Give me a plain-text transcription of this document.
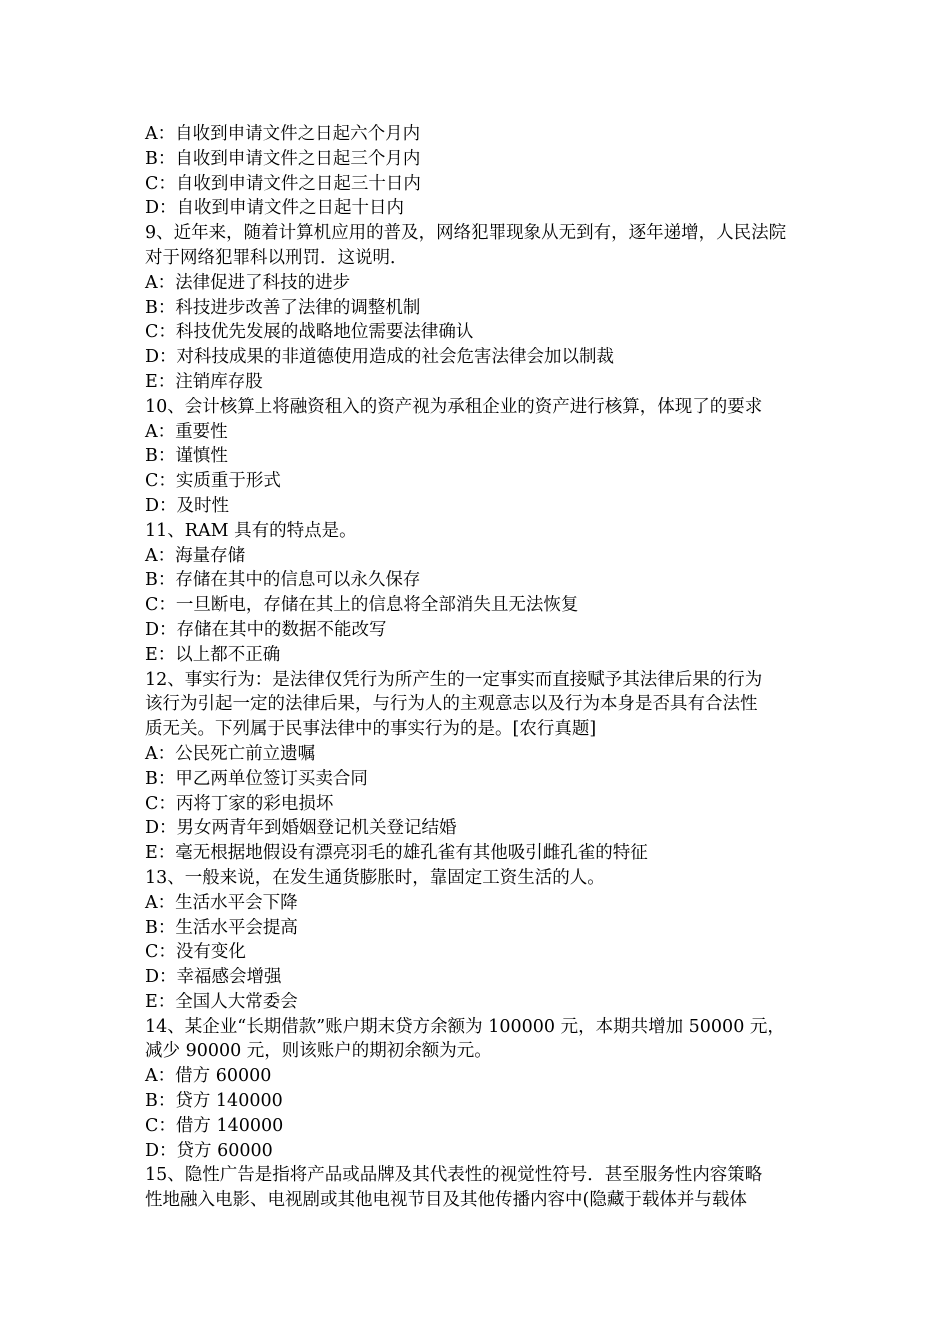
A：自收到申请文件之日起六个月内
B：自收到申请文件之日起三个月内
C：自收到申请文件之日起三十日内
D：自收到申请文件之日起十日内
9、近年来，随着计算机应用的普及，网络犯罪现象从无到有，逐年递增，人民法院
对于网络犯罪科以刑罚．这说明．
A：法律促进了科技的进步
B：科技进步改善了法律的调整机制
C：科技优先发展的战略地位需要法律确认
D：对科技成果的非道德使用造成的社会危害法律会加以制裁
E：注销库存股
10、会计核算上将融资租入的资产视为承租企业的资产进行核算，体现了的要求
A：重要性
B：谨慎性
C：实质重于形式
D：及时性
11、RAM 具有的特点是。
A：海量存储
B：存储在其中的信息可以永久保存
C：一旦断电，存储在其上的信息将全部消失且无法恢复
D：存储在其中的数据不能改写
E：以上都不正确
12、事实行为：是法律仅凭行为所产生的一定事实而直接赋予其法律后果的行为
该行为引起一定的法律后果，与行为人的主观意志以及行为本身是否具有合法性
质无关。下列属于民事法律中的事实行为的是。[农行真题]
A：公民死亡前立遗嘱
B：甲乙两单位签订买卖合同
C：丙将丁家的彩电损坏
D：男女两青年到婚姻登记机关登记结婚
E：毫无根据地假设有漂亮羽毛的雄孔雀有其他吸引雌孔雀的特征
13、一般来说，在发生通货膨胀时，靠固定工资生活的人。
A：生活水平会下降
B：生活水平会提高
C：没有变化
D：幸福感会增强
E：全国人大常委会
14、某企业“长期借款”账户期末贷方余额为 100000 元，本期共增加 50000 元，
减少 90000 元，则该账户的期初余额为元。
A：借方 60000
B：贷方 140000
C：借方 140000
D：贷方 60000
15、隐性广告是指将产品或品牌及其代表性的视觉性符号．甚至服务性内容策略
性地融入电影、电视剧或其他电视节目及其他传播内容中(隐藏于载体并与载体
